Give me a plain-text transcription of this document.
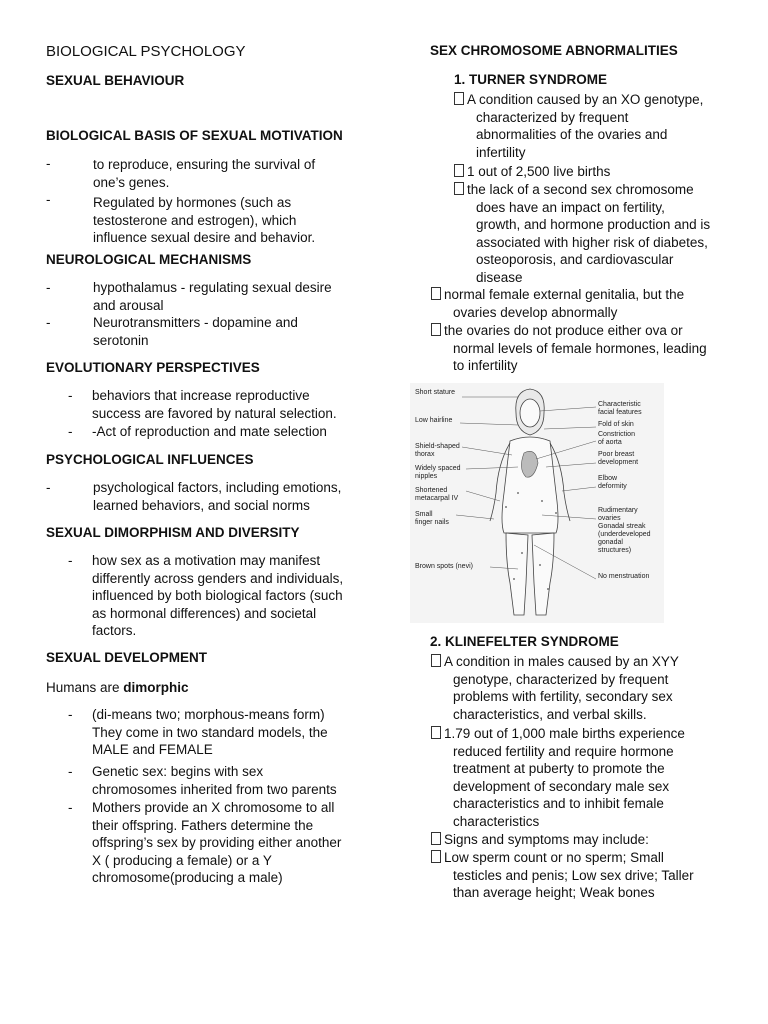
BIOLOGICAL PSYCHOLOGY
SEXUAL BEHAVIOUR
BIOLOGICAL BASIS OF SEXUAL MOTIVATION
-	to reproduce, ensuring the survival of
one’s genes.
-	Regulated by hormones (such as
testosterone and estrogen), which
influence sexual desire and behavior.
NEUROLOGICAL MECHANISMS
-	hypothalamus - regulating sexual desire
and arousal
-	Neurotransmitters - dopamine and
serotonin
EVOLUTIONARY PERSPECTIVES
- behaviors that increase reproductive
success are favored by natural selection.
- -Act of reproduction and mate selection
PSYCHOLOGICAL INFLUENCES
-	psychological factors, including emotions,
learned behaviors, and social norms
SEXUAL DIMORPHISM AND DIVERSITY
- how sex as a motivation may manifest
differently across genders and individuals,
influenced by both biological factors (such
as hormonal differences) and societal
factors.
SEXUAL DEVELOPMENT
Humans are dimorphic
- (di-means two; morphous-means form)
They come in two standard models, the
MALE and FEMALE
- Genetic sex: begins with sex
chromosomes inherited from two parents
- Mothers provide an X chromosome to all
their offspring. Fathers determine the
offspring’s sex by providing either another
X ( producing a female) or a Y
chromosome(producing a male)
SEX CHROMOSOME ABNORMALITIES
1. TURNER SYNDROME
A condition caused by an XO genotype,
characterized by frequent
abnormalities of the ovaries and
infertility
1 out of 2,500 live births
the lack of a second sex chromosome
does have an impact on fertility,
growth, and hormone production and is
associated with higher risk of diabetes,
osteoporosis, and cardiovascular
disease
normal female external genitalia, but the
ovaries develop abnormally
the ovaries do not produce either ova or
normal levels of female hormones, leading
to infertility
Short stature
Low hairline
Shield-shaped
thorax
Widely spaced
nipples
Shortened
metacarpal IV
Small
finger nails
Brown spots (nevi)
Characteristic
facial features
Fold of skin
Constriction
of aorta
Poor breast
development
Elbow
deformity
Rudimentary
ovaries
Gonadal streak
(underdeveloped
gonadal
structures)
No menstruation
2. KLINEFELTER SYNDROME
A condition in males caused by an XYY
genotype, characterized by frequent
problems with fertility, secondary sex
characteristics, and verbal skills.
1.79 out of 1,000 male births experience
reduced fertility and require hormone
treatment at puberty to promote the
development of secondary male sex
characteristics and to inhibit female
characteristics
Signs and symptoms may include:
Low sperm count or no sperm; Small
testicles and penis; Low sex drive; Taller
than average height; Weak bones
